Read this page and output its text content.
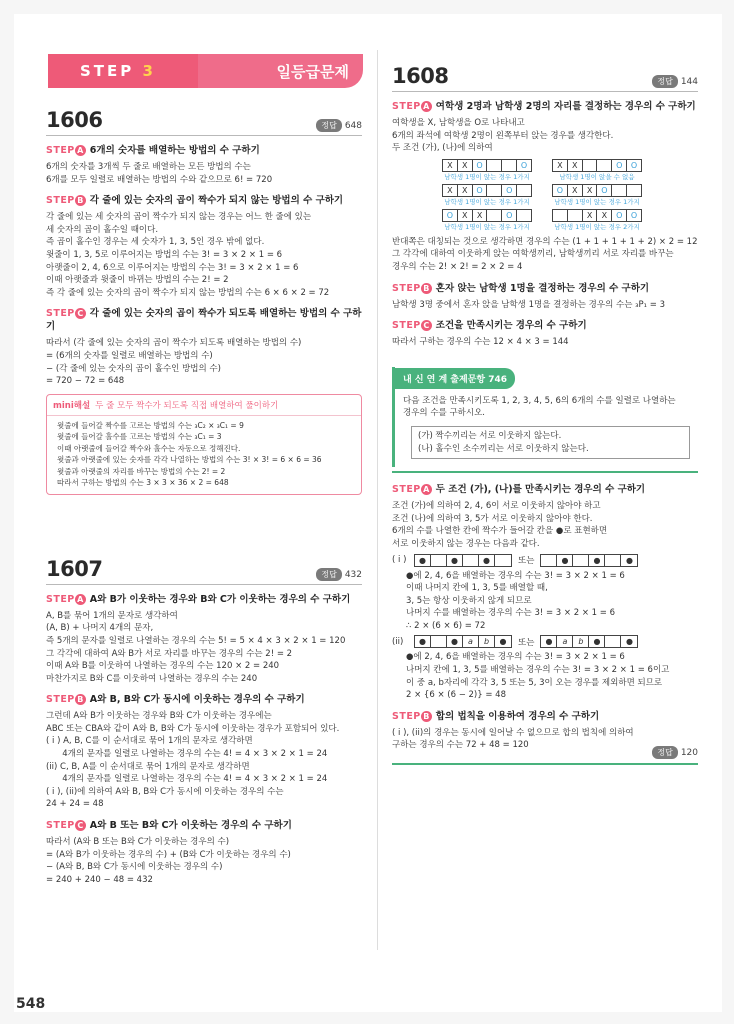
STEP 3	일등급문제
1606	정답 648
STEP A 6개의 숫자를 배열하는 방법의 수 구하기
6개의 숫자를 3개씩 두 줄로 배열하는 모든 방법의 수는
6개를 모두 일렬로 배열하는 방법의 수와 같으므로 6! = 720
STEP B 각 줄에 있는 숫자의 곱이 짝수가 되지 않는 방법의 수 구하기
각 줄에 있는 세 숫자의 곱이 짝수가 되지 않는 경우는 어느 한 줄에 있는
세 숫자의 곱이 홀수일 때이다.
즉 곱이 홀수인 경우는 세 숫자가 1, 3, 5인 경우 밖에 없다.
윗줄이 1, 3, 5로 이루어지는 방법의 수는 3! = 3 × 2 × 1 = 6
아랫줄이 2, 4, 6으로 이루어지는 방법의 수는 3! = 3 × 2 × 1 = 6
이때 아랫줄과 윗줄이 바뀌는 방법의 수는 2! = 2
즉 각 줄에 있는 숫자의 곱이 짝수가 되지 않는 방법의 수는 6 × 6 × 2 = 72
STEP C 각 줄에 있는 숫자의 곱이 짝수가 되도록 배열하는 방법의 수 구하기
따라서 (각 줄에 있는 숫자의 곱이 짝수가 되도록 배열하는 방법의 수)
= (6개의 숫자를 일렬로 배열하는 방법의 수)
− (각 줄에 있는 숫자의 곱이 홀수인 방법의 수)
= 720 − 72 = 648
mini해설 두 줄 모두 짝수가 되도록 직접 배열하여 풀이하기
윗줄에 들어갈 짝수를 고르는 방법의 수는 ₃C₂ × ₃C₁ = 9
윗줄에 들어갈 홀수를 고르는 방법의 수는 ₃C₁ = 3
이때 아랫줄에 들어갈 짝수와 홀수는 자동으로 정해진다.
윗줄과 아랫줄에 있는 숫자를 각각 나열하는 방법의 수는 3! × 3! = 6 × 6 = 36
윗줄과 아랫줄의 자리를 바꾸는 방법의 수는 2! = 2
따라서 구하는 방법의 수는 3 × 3 × 36 × 2 = 648
1607	정답 432
STEP A A와 B가 이웃하는 경우와 B와 C가 이웃하는 경우의 수 구하기
A, B를 묶어 1개의 문자로 생각하여
(A, B) + 나머지 4개의 문자,
즉 5개의 문자를 일렬로 나열하는 경우의 수는 5! = 5 × 4 × 3 × 2 × 1 = 120
그 각각에 대하여 A와 B가 서로 자리를 바꾸는 경우의 수는 2! = 2
이때 A와 B를 이웃하여 나열하는 경우의 수는 120 × 2 = 240
마찬가지로 B와 C를 이웃하여 나열하는 경우의 수는 240
STEP B A와 B, B와 C가 동시에 이웃하는 경우의 수 구하기
그런데 A와 B가 이웃하는 경우와 B와 C가 이웃하는 경우에는
ABC 또는 CBA와 같이 A와 B, B와 C가 동시에 이웃하는 경우가 포함되어 있다.
( i ) A, B, C를 이 순서대로 묶어 1개의 문자로 생각하면
4개의 문자를 일렬로 나열하는 경우의 수는 4! = 4 × 3 × 2 × 1 = 24
(ii) C, B, A를 이 순서대로 묶어 1개의 문자로 생각하면
4개의 문자를 일렬로 나열하는 경우의 수는 4! = 4 × 3 × 2 × 1 = 24
( i ), (ii)에 의하여 A와 B, B와 C가 동시에 이웃하는 경우의 수는
24 + 24 = 48
STEP C A와 B 또는 B와 C가 이웃하는 경우의 수 구하기
따라서 (A와 B 또는 B와 C가 이웃하는 경우의 수)
= (A와 B가 이웃하는 경우의 수) + (B와 C가 이웃하는 경우의 수)
− (A와 B, B와 C가 동시에 이웃하는 경우의 수)
= 240 + 240 − 48 = 432
1608	정답 144
STEP A 여학생 2명과 남학생 2명의 자리를 결정하는 경우의 수 구하기
여학생을 X, 남학생을 O로 나타내고
6개의 좌석에 여학생 2명이 왼쪽부터 앉는 경우를 생각한다.
두 조건 (가), (나)에 의하여
X	X	O	O
남학생 1명이 앉는 경우 1가지
X	X	O	O
남학생 1명이 앉을 수 없음
X	X	O	O
남학생 1명이 앉는 경우 1가지
O	X	X	O
남학생 1명이 앉는 경우 1가지
O	X	X	O
남학생 1명이 앉는 경우 1가지
X	X	O	O
남학생 1명이 앉는 경우 2가지
반대쪽은 대칭되는 것으로 생각하면 경우의 수는 (1 + 1 + 1 + 1 + 2) × 2 = 12
그 각각에 대하여 이웃하게 앉는 여학생끼리, 남학생끼리 서로 자리를 바꾸는
경우의 수는 2! × 2! = 2 × 2 = 4
STEP B 혼자 앉는 남학생 1명을 결정하는 경우의 수 구하기
남학생 3명 중에서 혼자 앉을 남학생 1명을 결정하는 경우의 수는 ₃P₁ = 3
STEP C 조건을 만족시키는 경우의 수 구하기
따라서 구하는 경우의 수는 12 × 4 × 3 = 144
내 신 연 계 출제문항 746
다음 조건을 만족시키도록 1, 2, 3, 4, 5, 6의 6개의 수를 일렬로 나열하는
경우의 수를 구하시오.
(가) 짝수끼리는 서로 이웃하지 않는다.
(나) 홀수인 소수끼리는 서로 이웃하지 않는다.
STEP A 두 조건 (가), (나)를 만족시키는 경우의 수 구하기
조건 (가)에 의하여 2, 4, 6이 서로 이웃하지 않아야 하고
조건 (나)에 의하여 3, 5가 서로 이웃하지 않아야 한다.
6개의 수를 나열한 칸에 짝수가 들어갈 칸을 ●로 표현하면
서로 이웃하지 않는 경우는 다음과 같다.
( i )	●	●	●	또는	●	●	●
●에 2, 4, 6을 배열하는 경우의 수는 3! = 3 × 2 × 1 = 6
이때 나머지 칸에 1, 3, 5를 배열할 때,
3, 5는 항상 이웃하지 않게 되므로
나머지 수를 배열하는 경우의 수는 3! = 3 × 2 × 1 = 6
∴ 2 × (6 × 6) = 72
(ii)	●	●	a	b	●	또는	●	a	b	●	●
●에 2, 4, 6을 배열하는 경우의 수는 3! = 3 × 2 × 1 = 6
나머지 칸에 1, 3, 5를 배열하는 경우의 수는 3! = 3 × 2 × 1 = 6이고
이 중 a, b자리에 각각 3, 5 또는 5, 3이 오는 경우를 제외하면 되므로
2 × {6 × (6 − 2)} = 48
STEP B 합의 법칙을 이용하여 경우의 수 구하기
( i ), (ii)의 경우는 동시에 일어날 수 없으므로 합의 법칙에 의하여
구하는 경우의 수는 72 + 48 = 120
정답 120
548
